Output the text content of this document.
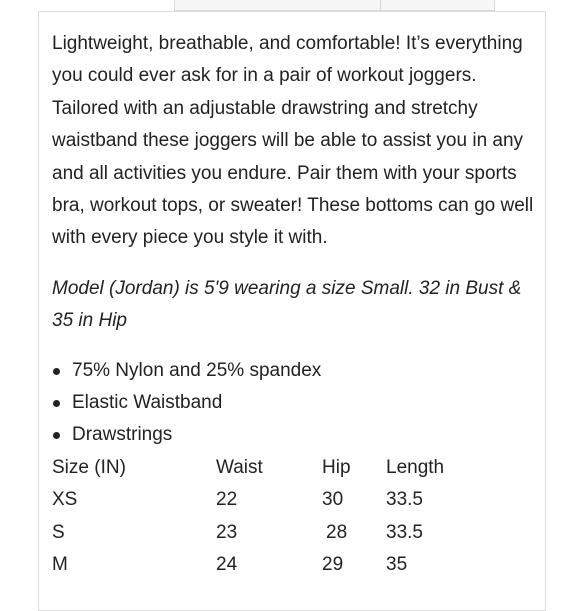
Lightweight, breathable, and comfortable! It’s everything you could ever ask for in a pair of workout joggers. Tailored with an adjustable drawstring and stretchy waistband these joggers will be able to assist you in any and all activities you endure. Pair them with your sports bra, workout tops, or sweater! These bottoms can go well with every piece you style it with.

Model (Jordan) is 5'9 wearing a size Small. 32 in Bust & 35 in Hip

75% Nylon and 25% spandex
Elastic Waistband
Drawstrings
Size (IN)	Waist	Hip	Length
XS	22	30	33.5
S	23	28	33.5
M	24	29	35
